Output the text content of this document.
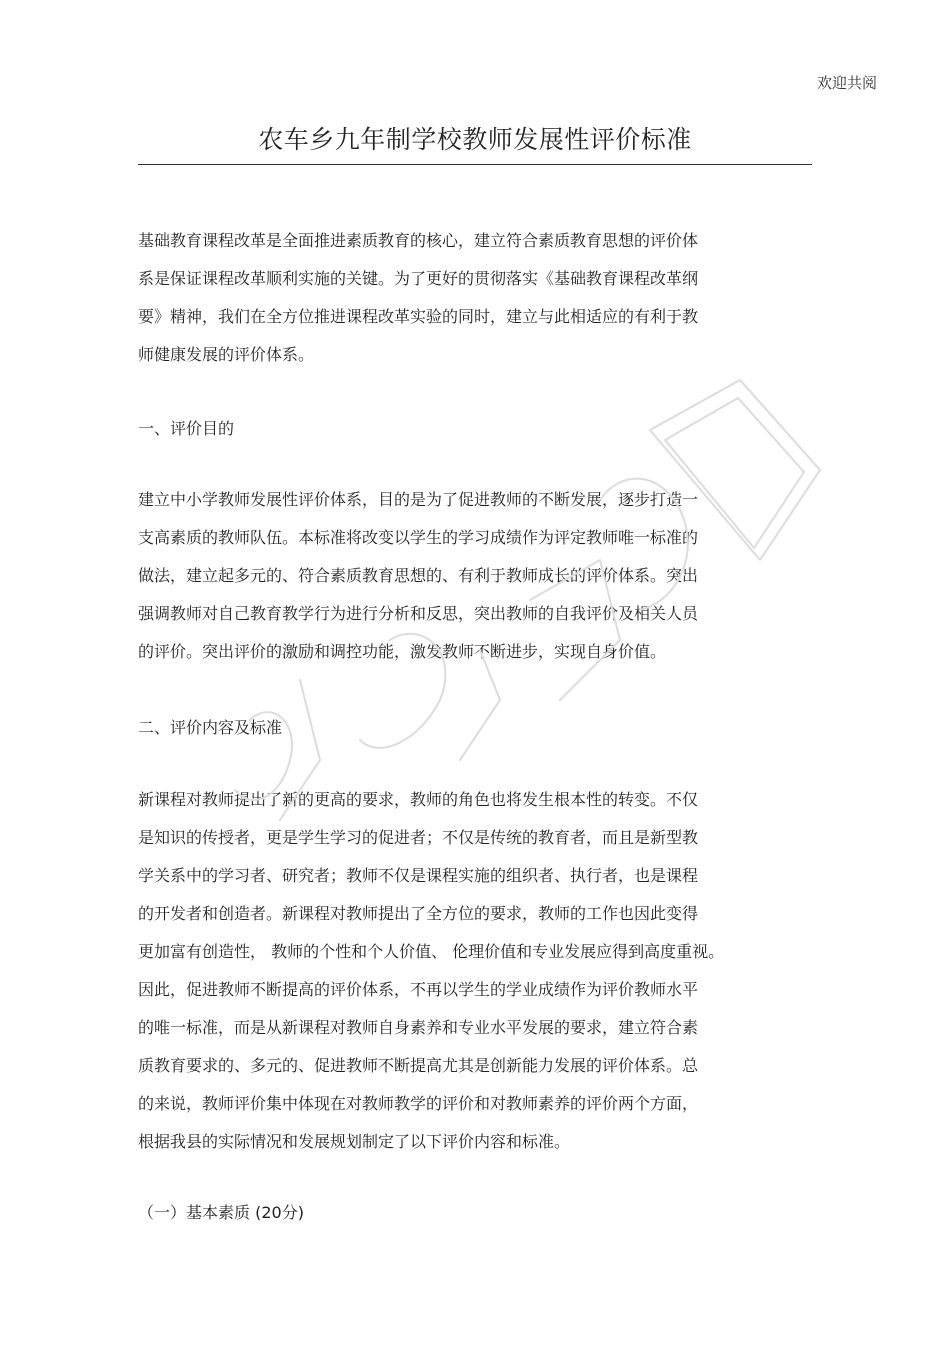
欢迎共阅
农车乡九年制学校教师发展性评价标准
基础教育课程改革是全面推进素质教育的核心，建立符合素质教育思想的评价体
系是保证课程改革顺利实施的关键。为了更好的贯彻落实《基础教育课程改革纲
要》精神，我们在全方位推进课程改革实验的同时，建立与此相适应的有利于教
师健康发展的评价体系。
一、评价目的
建立中小学教师发展性评价体系，目的是为了促进教师的不断发展，逐步打造一
支高素质的教师队伍。本标准将改变以学生的学习成绩作为评定教师唯一标准的
做法，建立起多元的、符合素质教育思想的、有利于教师成长的评价体系。突出
强调教师对自己教育教学行为进行分析和反思，突出教师的自我评价及相关人员
的评价。突出评价的激励和调控功能，激发教师不断进步，实现自身价值。
二、评价内容及标准
新课程对教师提出了新的更高的要求，教师的角色也将发生根本性的转变。不仅
是知识的传授者，更是学生学习的促进者；不仅是传统的教育者，而且是新型教
学关系中的学习者、研究者；教师不仅是课程实施的组织者、执行者，也是课程
的开发者和创造者。新课程对教师提出了全方位的要求，教师的工作也因此变得
更加富有创造性， 教师的个性和个人价值、 伦理价值和专业发展应得到高度重视。
因此，促进教师不断提高的评价体系，不再以学生的学业成绩作为评价教师水平
的唯一标准，而是从新课程对教师自身素养和专业水平发展的要求，建立符合素
质教育要求的、多元的、促进教师不断提高尤其是创新能力发展的评价体系。总
的来说，教师评价集中体现在对教师教学的评价和对教师素养的评价两个方面，
根据我县的实际情况和发展规划制定了以下评价内容和标准。
（一）基本素质 (20分)
